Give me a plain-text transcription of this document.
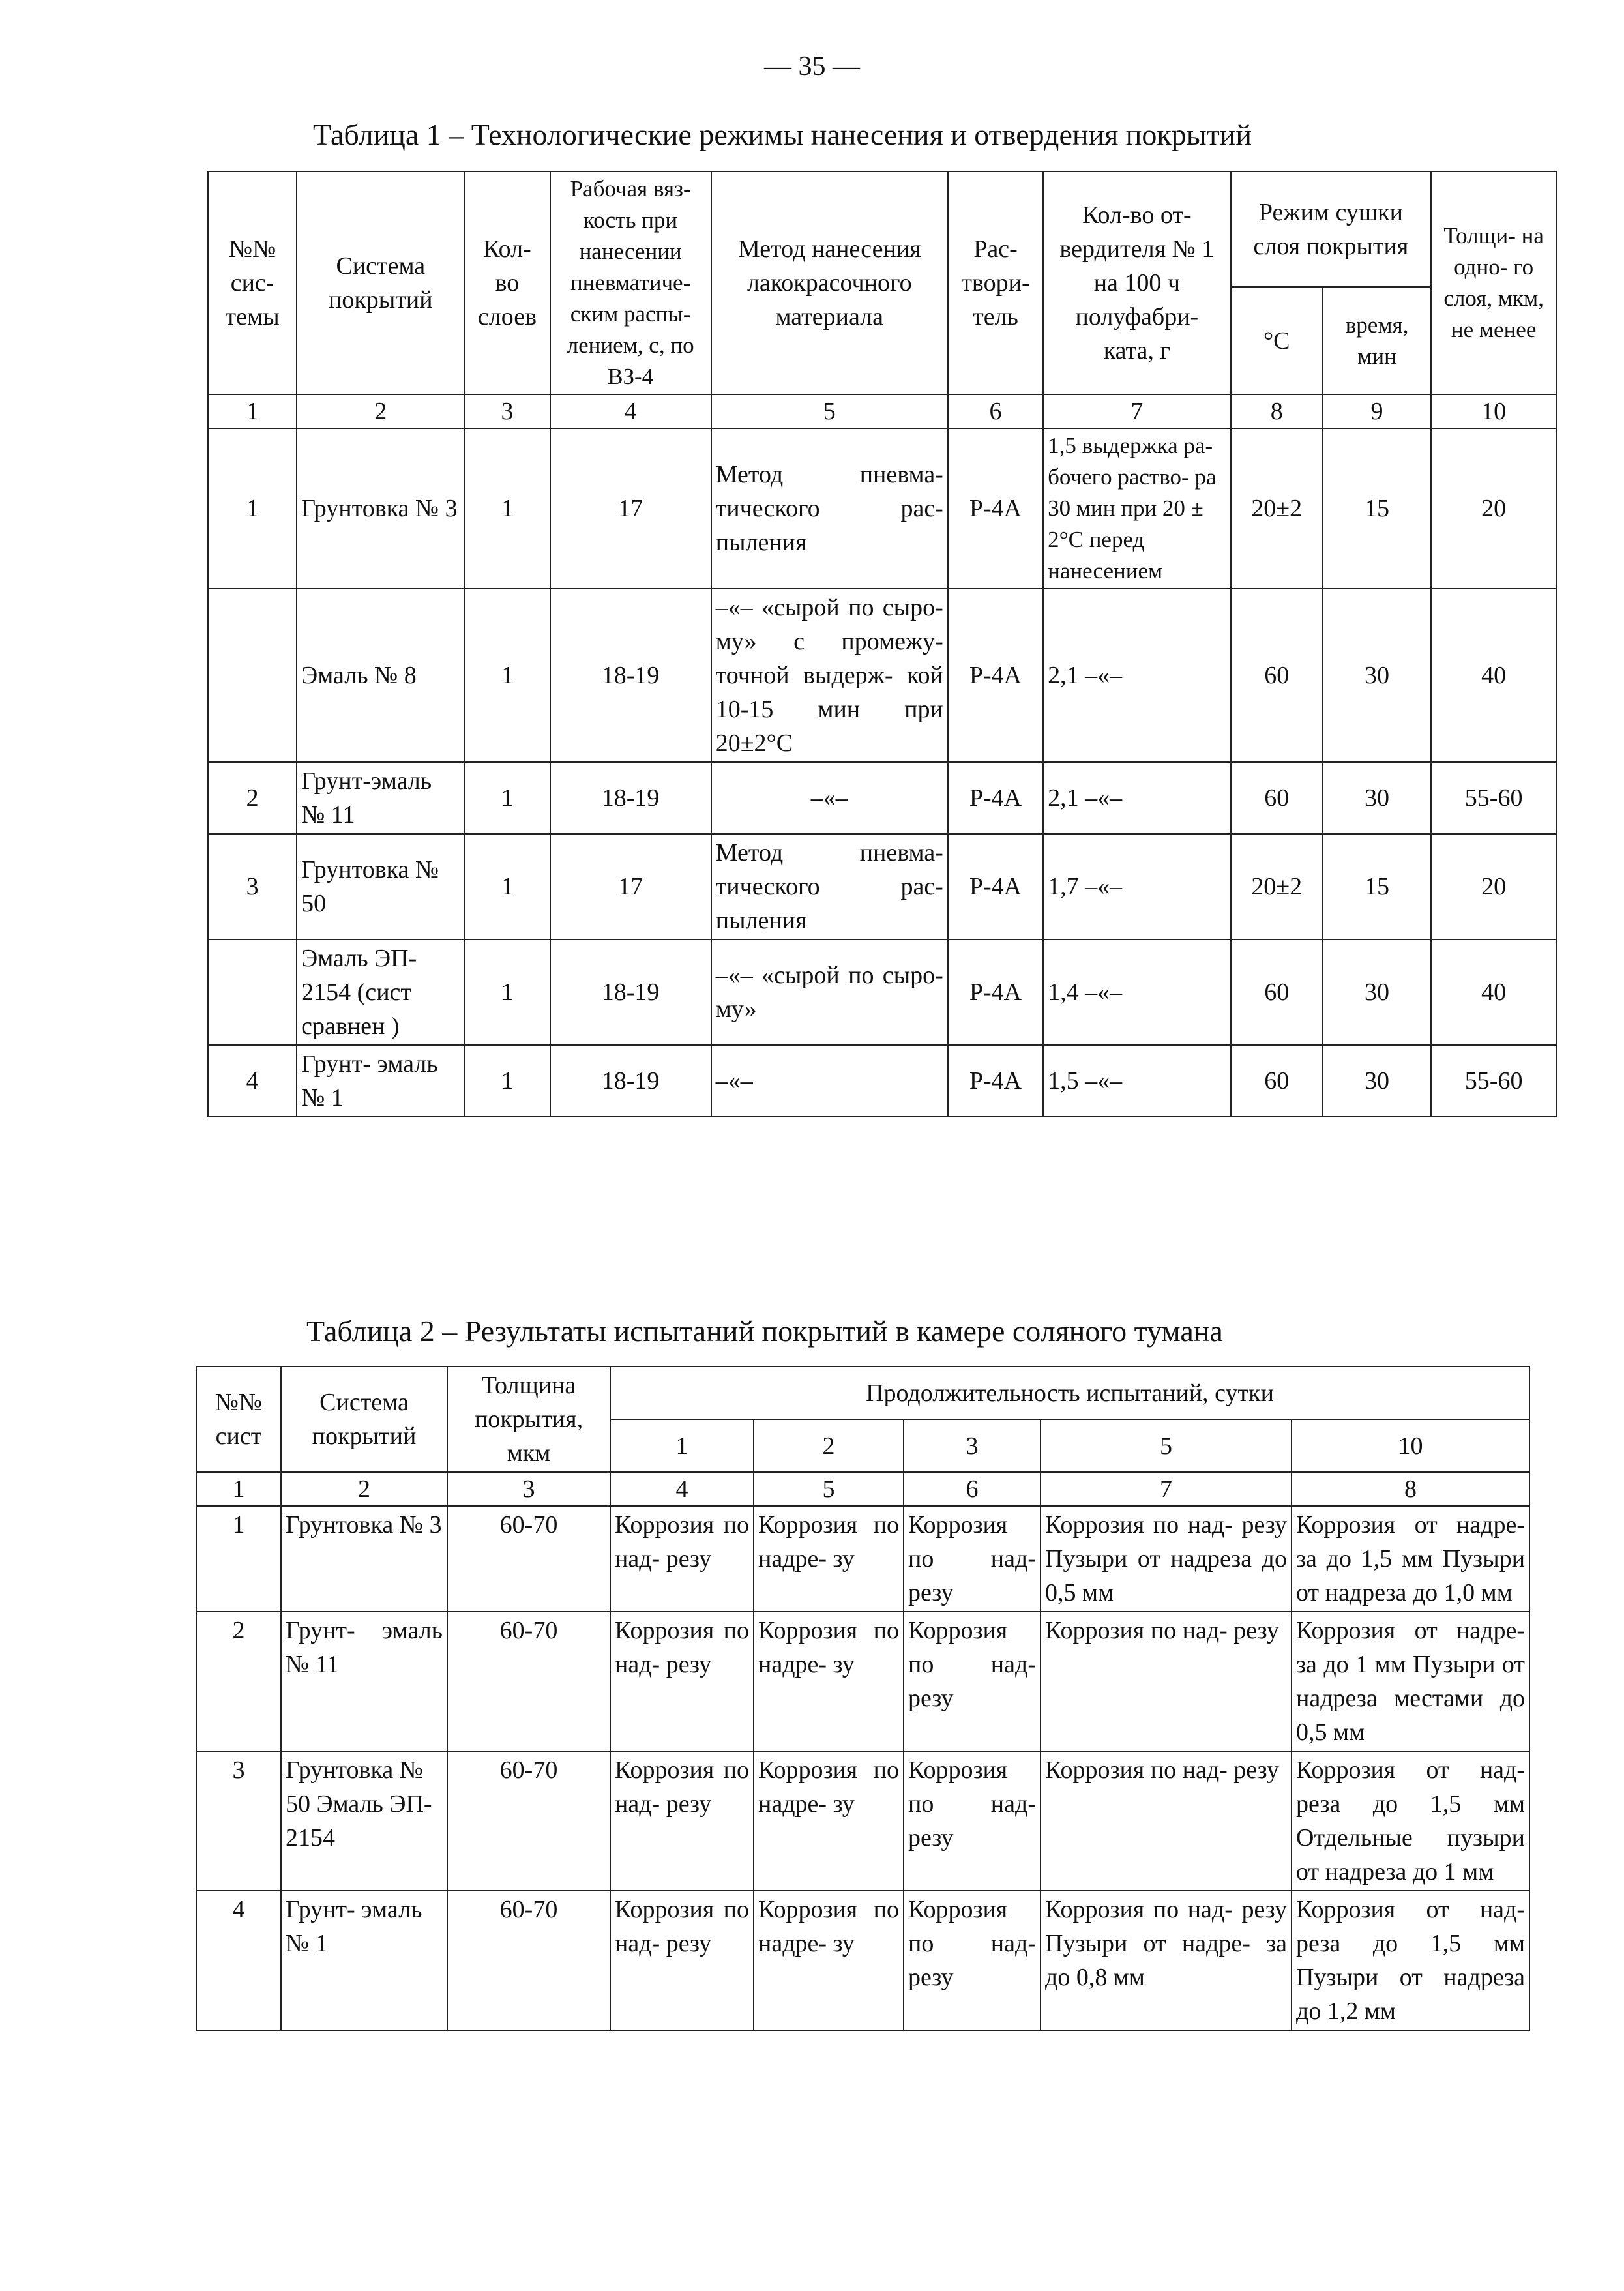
— 35 —
Таблица 1 – Технологические режимы нанесения и отвердения покрытий
№№ сис- темы	Система покрытий	Кол- во слоев	Рабочая вяз- кость при нанесении пневматиче- ским распы- лением, с, по ВЗ-4	Метод нанесения лакокрасочного материала	Рас- твори- тель	Кол-во от- вердителя № 1 на 100 ч полуфабри- ката, г	Режим сушки слоя покрытия		Толщи- на одно- го слоя, мкм, не менее
							°С	время, мин	
1	2	3	4	5	6	7	8	9	10
1	Грунтовка № 3	1	17	Метод пневма- тического рас- пыления	Р-4А	1,5 выдержка ра- бочего раство- ра 30 мин при 20 ± 2°С перед нанесением	20±2	15	20
	Эмаль № 8	1	18-19	–«– «сырой по сыро- му» с промежу- точной выдерж- кой 10-15 мин при 20±2°С	Р-4А	2,1 –«–	60	30	40
2	Грунт-эмаль № 11	1	18-19	–«–	Р-4А	2,1 –«–	60	30	55-60
3	Грунтовка № 50	1	17	Метод пневма- тического рас- пыления	Р-4А	1,7 –«–	20±2	15	20
	Эмаль ЭП- 2154 (сист сравнен )	1	18-19	–«– «сырой по сыро- му»	Р-4А	1,4 –«–	60	30	40
4	Грунт- эмаль № 1	1	18-19	–«–	Р-4А	1,5 –«–	60	30	55-60
Таблица 2 – Результаты испытаний покрытий в камере соляного тумана
№№ сист	Система покрытий	Толщина покрытия, мкм	Продолжительность испытаний, сутки				
			1	2	3	5	10
1	2	3	4	5	6	7	8
1	Грунтовка № 3	60-70	Коррозия по над- резу	Коррозия по надре- зу	Коррозия по над- резу	Коррозия по над- резу Пузыри от надреза до 0,5 мм	Коррозия от надре- за до 1,5 мм Пузыри от надреза до 1,0 мм
2	Грунт- эмаль № 11	60-70	Коррозия по над- резу	Коррозия по надре- зу	Коррозия по над- резу	Коррозия по над- резу	Коррозия от надре- за до 1 мм Пузыри от надреза местами до 0,5 мм
3	Грунтовка № 50 Эмаль ЭП- 2154	60-70	Коррозия по над- резу	Коррозия по надре- зу	Коррозия по над- резу	Коррозия по над- резу	Коррозия от над- реза до 1,5 мм Отдельные пузыри от надреза до 1 мм
4	Грунт- эмаль № 1	60-70	Коррозия по над- резу	Коррозия по надре- зу	Коррозия по над- резу	Коррозия по над- резу Пузыри от надре- за до 0,8 мм	Коррозия от над- реза до 1,5 мм Пузыри от надреза до 1,2 мм
